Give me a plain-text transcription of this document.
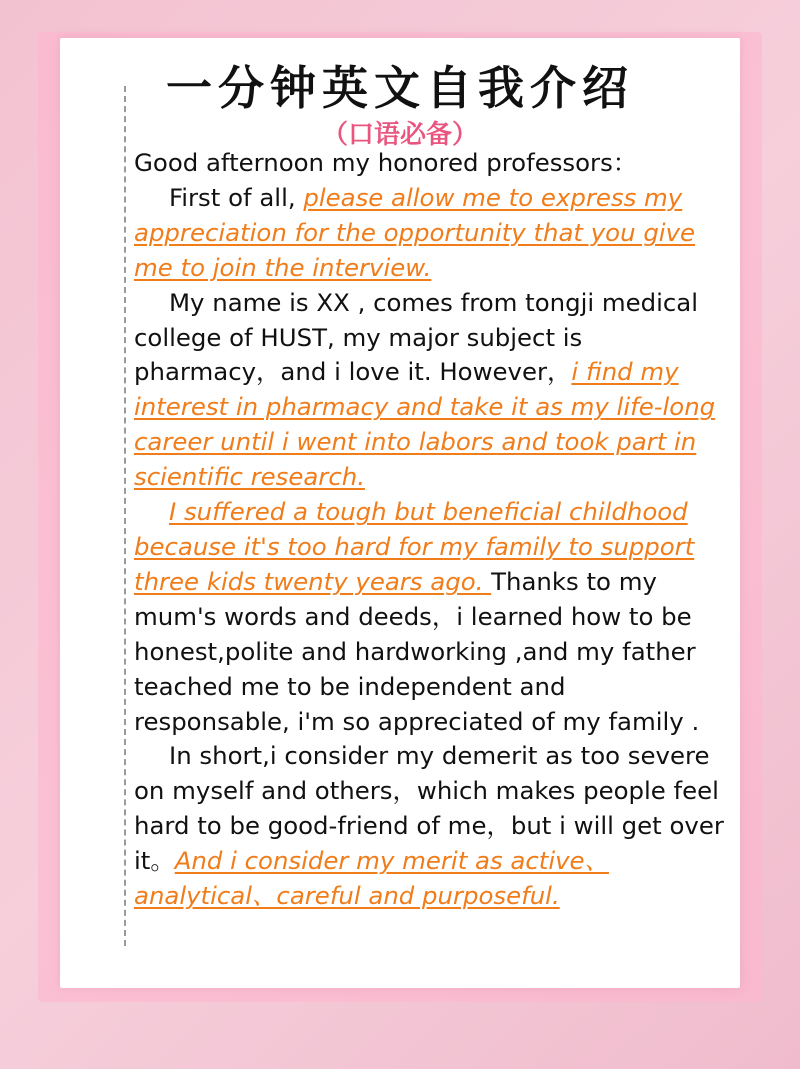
一分钟英文自我介绍
（口语必备）

Good afternoon my honored professors：

First of all, please allow me to express my appreciation for the opportunity that you give me to join the interview.

My name is XX , comes from tongji medical college of HUST, my major subject is pharmacy，and i love it. However，i find my interest in pharmacy and take it as my life-long career until i went into labors and took part in scientific research.

I suffered a tough but beneficial childhood because it's too hard for my family to support three kids twenty years ago. Thanks to my mum's words and deeds，i learned how to be honest,polite and hardworking ,and my father teached me to be independent and responsable, i'm so appreciated of my family .

In short,i consider my demerit as too severe on myself and others，which makes people feel hard to be good-friend of me，but i will get over it。And i consider my merit as active、analytical、careful and purposeful.
